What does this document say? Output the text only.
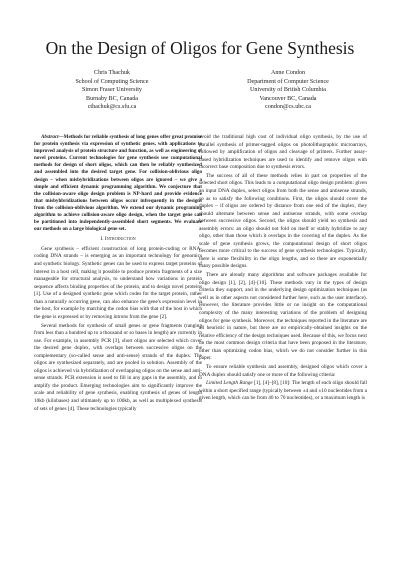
On the Design of Oligos for Gene Synthesis
Chris Thachuk
School of Computing Science
Simon Fraser University
Burnaby BC, Canada
cthachuk@cs.sfu.ca
Anne Condon
Department of Computer Science
University of British Columbia
Vancouver BC, Canada
condon@cs.ubc.ca

Abstract—Methods for reliable synthesis of long genes offer great promise for protein synthesis via expression of synthetic genes, with applications to improved analysis of protein structure and function, as well as engineering of novel proteins. Current technologies for gene synthesis use computational methods for design of short oligos, which can then be reliably synthesized and assembled into the desired target gene. For collision-oblivious oligo design – when misbybridizations between oligos are ignored – we give a simple and efficient dynamic programming algorithm. We conjecture that the collision-aware oligo design problem is NP-hard and provide evidence that misbyhbridizations between oligos occur infrequently in the designs from the collision-oblivious algorithm. We extend our dynamic programing algorithm to achieve collision-aware oligo design, when the target gene can be partitioned into independently-assembled short segments. We evaluate our methods on a large biological gene set.

I. Introduction

Gene synthesis – efficient construction of long protein-coding or RNA-coding DNA strands – is emerging as an important technology for genomics and synthetic biology. Synthetic genes can be used to express target proteins of interest in a host cell, making it possible to produce protein fragments of a size manageable for structural analysis, to understand how variations in protein sequence affects binding properties of the protein, and to design novel proteins [1]. Use of a designed synthetic gene which codes for the target protein, rather than a naturally occurring gene, can also enhance the gene's expression level in the host, for example by matching the codon bias with that of the host in which the gene is expressed or by removing introns from the gene [2].

Several methods for synthesis of small genes or gene fragments (ranging from less than a hundred up to a thousand or so bases in length) are currently in use. For example, in assembly PCR [3], short oligos are selected which cover the desired gene duplex, with overlaps between successive oligos on the complementary (so-called sense and anti-sense) strands of the duplex. The oligos are synthesized separately, and are pooled in solution. Assembly of the oligos is achieved via hybridization of overlapping oligos on the sense and anti-sense strands. PCR extension is used to fill in any gaps in the assembly, and to amplify the product. Emerging technologies aim to significantly improve the scale and reliability of gene synthesis, enabling synthesis of genes of length 10kb (kilobases) and ultimately up to 100kb, as well as multiplexed synthesis of sets of genes [4]. These technologies typically

avoid the traditional high cost of individual oligo synthesis, by the use of parallel synthesis of primer-tagged oligos on photolithographic microarrays, followed by amplification of oligos and cleavage of primers. Further assay-based hybridization techniques are used to identify and remove oligos with incorrect base composition due to synthesis errors.

The success of all of these methods relies in part on properties of the selected short oligos. This leads to a computational oligo design problem: given an input DNA duplex, select oligos from both the sense and antisense strands, so as to satisfy the following conditions. First, the oligos should cover the duplex – if oligos are ordered by distance from one end of the duplex, they should alternate between sense and antisense strands, with some overlap between successive oligos. Second, the oligos should yield no synthesis and assembly errors: an oligo should not fold on itself or stably hybridize to any oligo, other than those which it overlaps in the covering of the duplex. As the scale of gene synthesis grows, the computational design of short oligos becomes more critical to the success of gene synthesis technologies. Typically, there is some flexibility in the oligo lengths, and so there are exponentially many possible designs.

There are already many algorithms and software packages available for oligo design [1], [2], [4]–[10]. These methods vary in the types of design criteria they support, and in the underlying design optimization techniques (as well as in other aspects not considered further here, such as the user interface). However, the literature provides little or no insight on the computational complexity of the many interesting variations of the problem of designing oligos for gene synthesis. Moreover, the techniques reported in the literature are all heuristic in nature, but there are no empirically-obtained insights on the relative efficiency of the design techniques used. Because of this, we focus next on the most common design criteria that have been proposed in the literature, other than optimizing codon bias, which we do not consider further in this paper.

To ensure reliable synthesis and assembly, designed oligos which cover a DNA duplex should satisfy one or more of the following criteria:

Limited Length Range [1], [4]–[8], [10]: The length of each oligo should fall within a short specified range (typically between ±4 and ±10 nucleotides from a given length, which can be from 40 to 70 nucleotides), or a maximum length is
